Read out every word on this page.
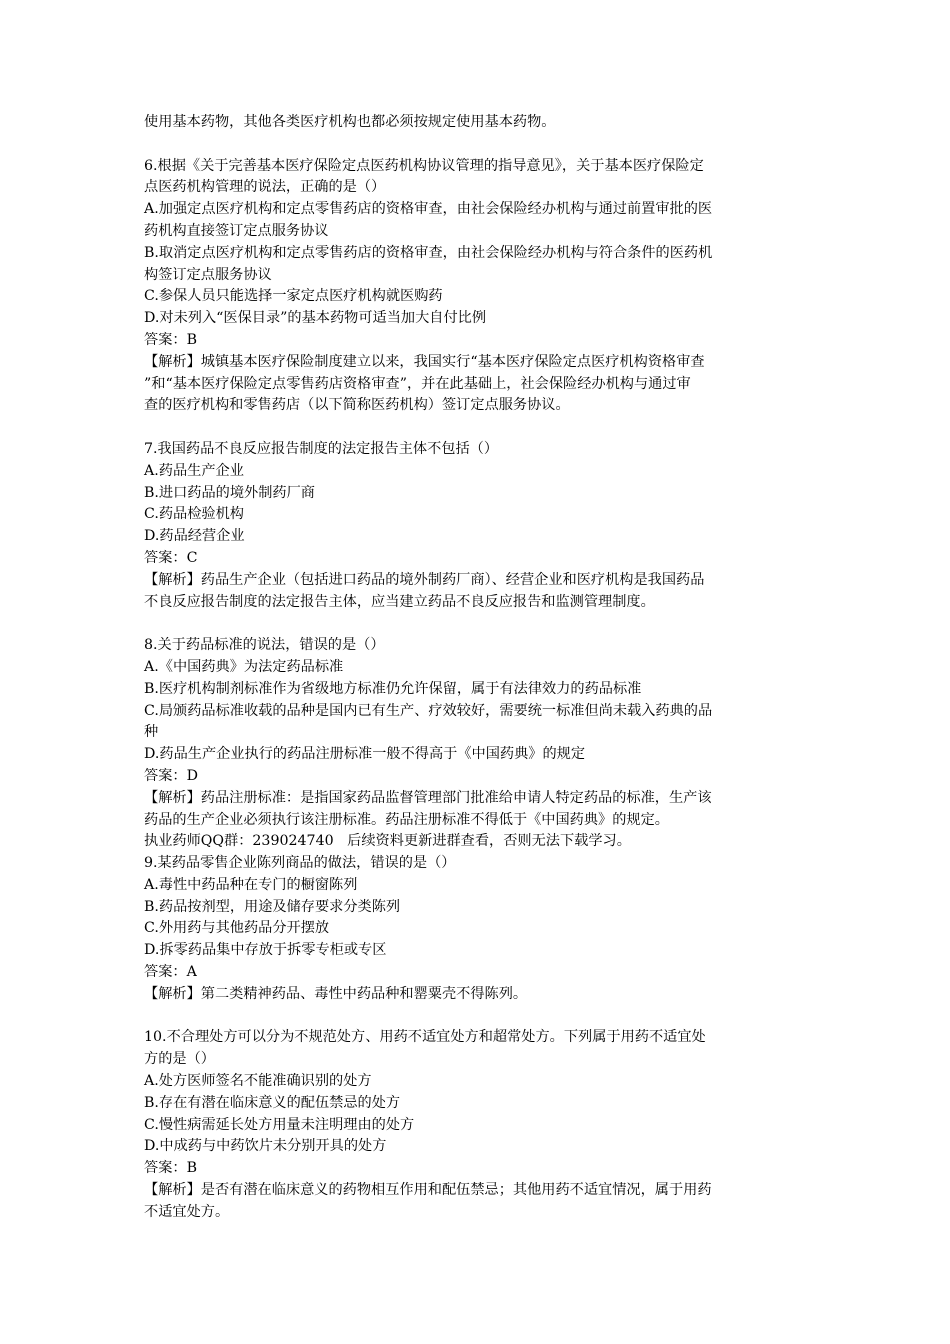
使用基本药物，其他各类医疗机构也都必须按规定使用基本药物。
6.根据《关于完善基本医疗保险定点医药机构协议管理的指导意见》，关于基本医疗保险定
点医药机构管理的说法，正确的是（）
A.加强定点医疗机构和定点零售药店的资格审查，由社会保险经办机构与通过前置审批的医
药机构直接签订定点服务协议
B.取消定点医疗机构和定点零售药店的资格审查，由社会保险经办机构与符合条件的医药机
构签订定点服务协议
C.参保人员只能选择一家定点医疗机构就医购药
D.对未列入“医保目录”的基本药物可适当加大自付比例
答案：B
【解析】城镇基本医疗保险制度建立以来，我国实行“基本医疗保险定点医疗机构资格审查
”和“基本医疗保险定点零售药店资格审查”，并在此基础上，社会保险经办机构与通过审
查的医疗机构和零售药店（以下简称医药机构）签订定点服务协议。
7.我国药品不良反应报告制度的法定报告主体不包括（）
A.药品生产企业
B.进口药品的境外制药厂商
C.药品检验机构
D.药品经营企业
答案：C
【解析】药品生产企业（包括进口药品的境外制药厂商）、经营企业和医疗机构是我国药品
不良反应报告制度的法定报告主体，应当建立药品不良反应报告和监测管理制度。
8.关于药品标准的说法，错误的是（）
A.《中国药典》为法定药品标准
B.医疗机构制剂标准作为省级地方标准仍允许保留，属于有法律效力的药品标准
C.局颁药品标准收载的品种是国内已有生产、疗效较好，需要统一标准但尚未载入药典的品
种
D.药品生产企业执行的药品注册标准一般不得高于《中国药典》的规定
答案：D
【解析】药品注册标准：是指国家药品监督管理部门批准给申请人特定药品的标准，生产该
药品的生产企业必须执行该注册标准。药品注册标准不得低于《中国药典》的规定。
执业药师QQ群：239024740   后续资料更新进群查看，否则无法下载学习。
9.某药品零售企业陈列商品的做法，错误的是（）
A.毒性中药品种在专门的橱窗陈列
B.药品按剂型，用途及储存要求分类陈列
C.外用药与其他药品分开摆放
D.拆零药品集中存放于拆零专柜或专区
答案：A
【解析】第二类精神药品、毒性中药品种和罂粟壳不得陈列。
10.不合理处方可以分为不规范处方、用药不适宜处方和超常处方。下列属于用药不适宜处
方的是（）
A.处方医师签名不能准确识别的处方
B.存在有潜在临床意义的配伍禁忌的处方
C.慢性病需延长处方用量未注明理由的处方
D.中成药与中药饮片未分别开具的处方
答案：B
【解析】是否有潜在临床意义的药物相互作用和配伍禁忌；其他用药不适宜情况，属于用药
不适宜处方。
